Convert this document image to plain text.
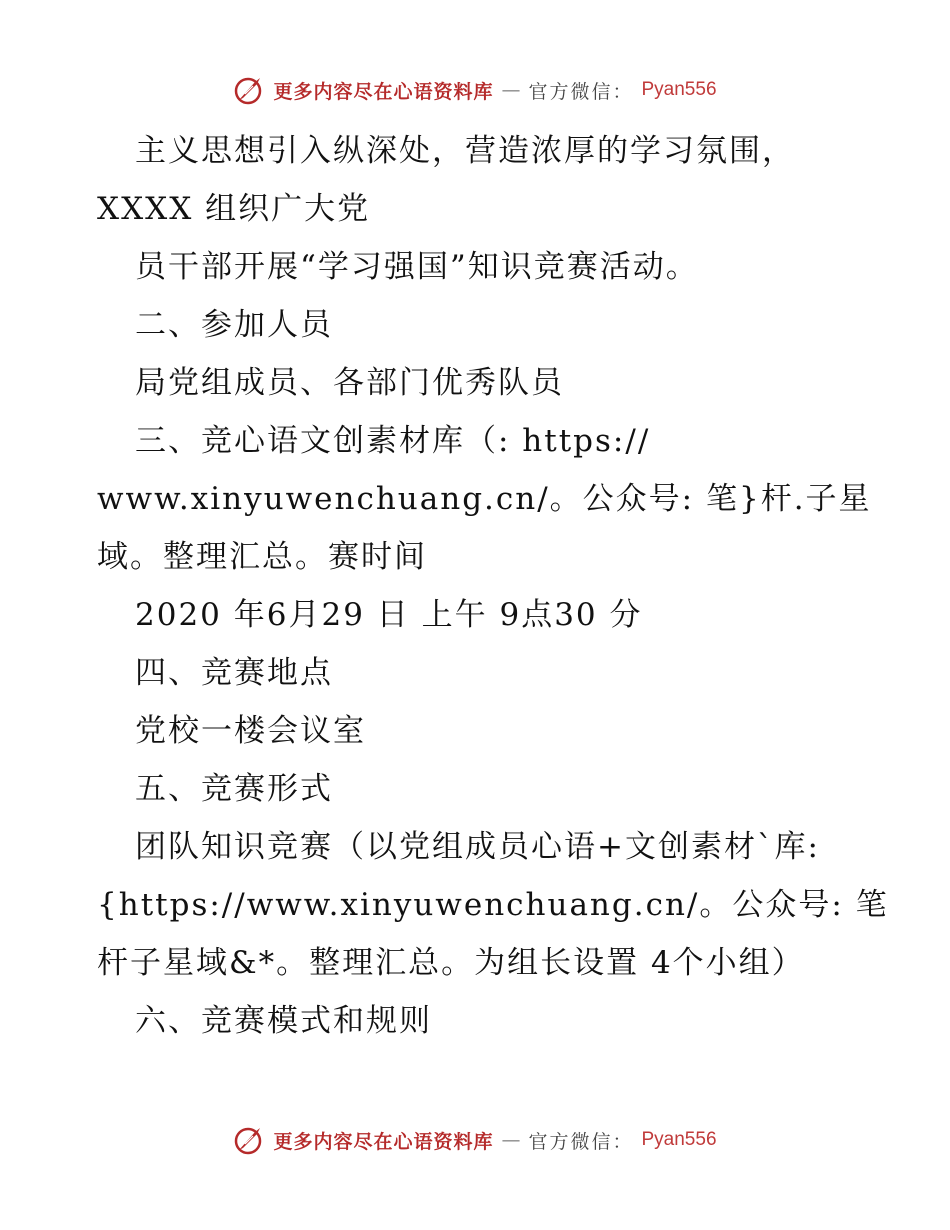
更多内容尽在心语资料库 — 官方微信： Pyan556
主义思想引入纵深处，营造浓厚的学习氛围，
XXXX 组织广大党
员干部开展“学习强国”知识竞赛活动。
二、参加人员
局党组成员、各部门优秀队员
三、竞心语文创素材库（: https://
www.xinyuwenchuang.cn/。公众号: 笔}杆.子星
域。整理汇总。赛时间
2020 年6月29 日 上午 9点30 分
四、竞赛地点
党校一楼会议室
五、竞赛形式
团队知识竞赛（以党组成员心语+文创素材`库:
{https://www.xinyuwenchuang.cn/。公众号: 笔
杆子星域&*。整理汇总。为组长设置 4个小组）
六、竞赛模式和规则
更多内容尽在心语资料库 — 官方微信： Pyan556
